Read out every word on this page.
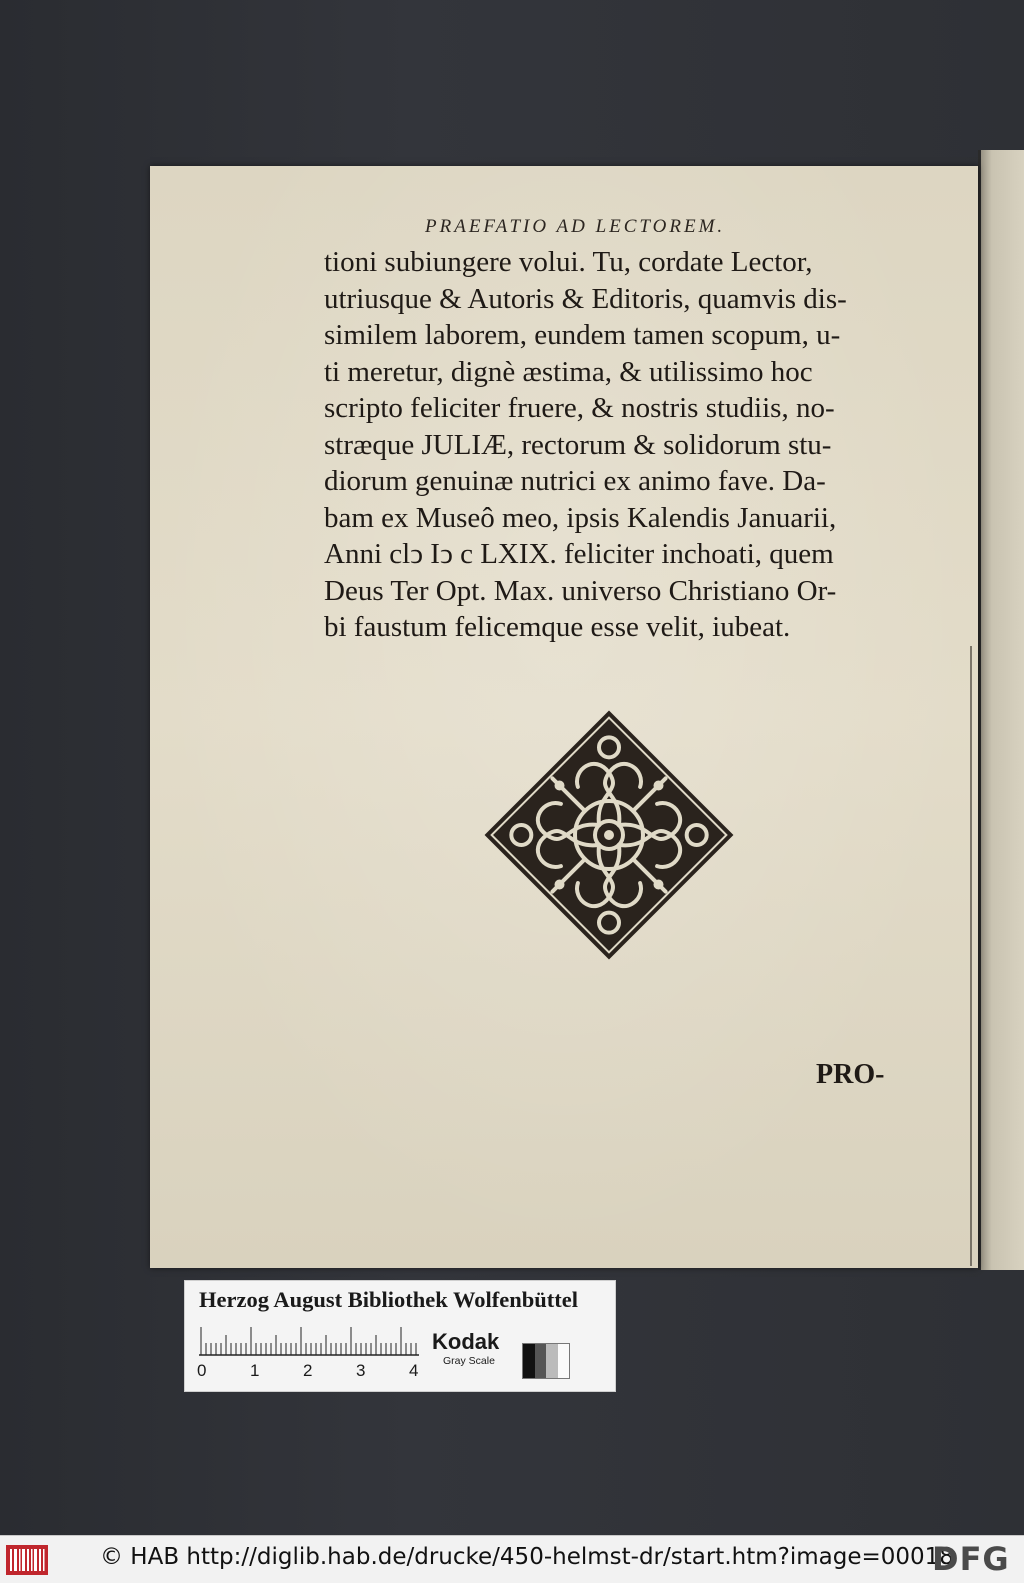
PRAEFATIO AD LECTOREM.
tioni subiungere volui. Tu, cordate Lector,
utriusque & Autoris & Editoris, quamvis dis-
similem laborem, eundem tamen scopum, u-
ti meretur, dignè æstima, & utilissimo hoc
scripto feliciter fruere, & nostris studiis, no-
stræque JULIÆ, rectorum & solidorum stu-
diorum genuinæ nutrici ex animo fave. Da-
bam ex Museô meo, ipsis Kalendis Januarii,
Anni clↄ Iↄ c LXIX. feliciter inchoati, quem
Deus Ter Opt. Max. universo Christiano Or-
bi faustum felicemque esse velit, iubeat.
PRO-
Herzog August Bibliothek Wolfenbüttel
0	1	2	3	4
Kodak
Gray Scale
© HAB http://diglib.hab.de/drucke/450-helmst-dr/start.htm?image=00018
DFG
